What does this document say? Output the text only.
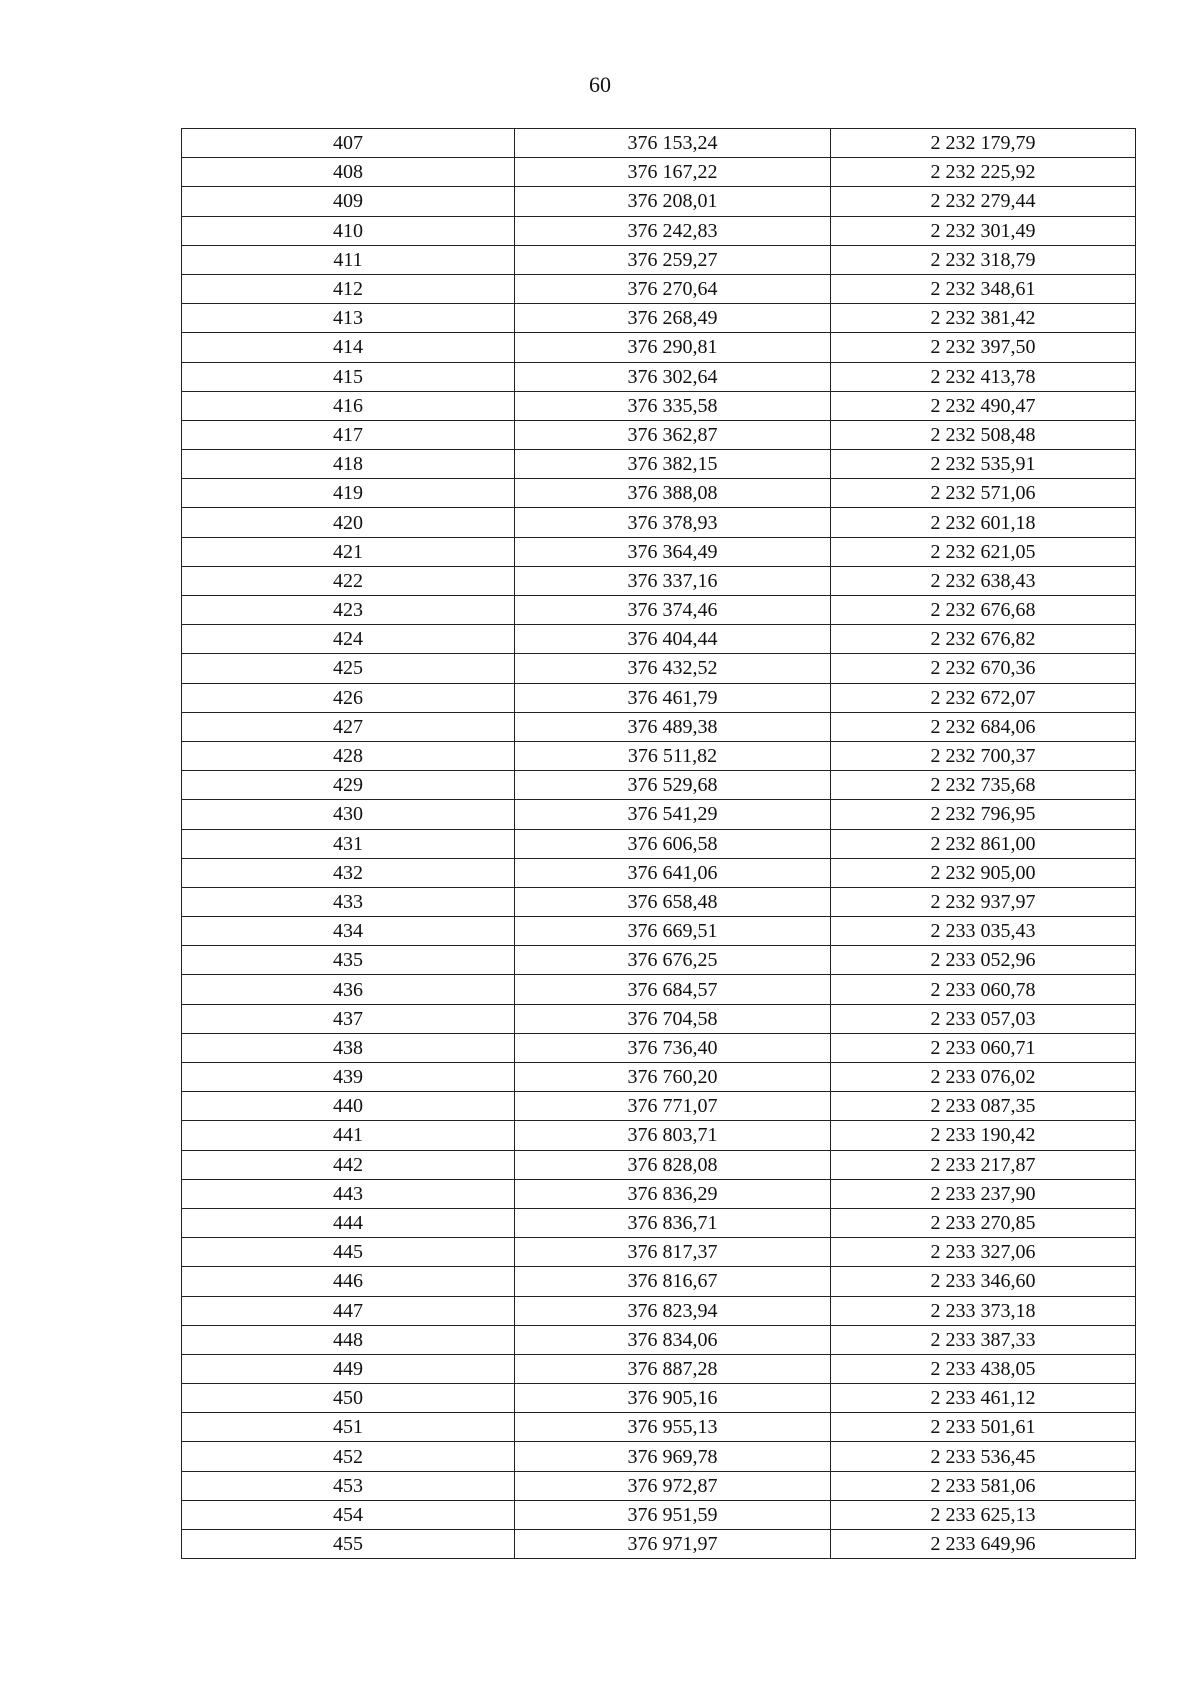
60
407	376 153,24	2 232 179,79
408	376 167,22	2 232 225,92
409	376 208,01	2 232 279,44
410	376 242,83	2 232 301,49
411	376 259,27	2 232 318,79
412	376 270,64	2 232 348,61
413	376 268,49	2 232 381,42
414	376 290,81	2 232 397,50
415	376 302,64	2 232 413,78
416	376 335,58	2 232 490,47
417	376 362,87	2 232 508,48
418	376 382,15	2 232 535,91
419	376 388,08	2 232 571,06
420	376 378,93	2 232 601,18
421	376 364,49	2 232 621,05
422	376 337,16	2 232 638,43
423	376 374,46	2 232 676,68
424	376 404,44	2 232 676,82
425	376 432,52	2 232 670,36
426	376 461,79	2 232 672,07
427	376 489,38	2 232 684,06
428	376 511,82	2 232 700,37
429	376 529,68	2 232 735,68
430	376 541,29	2 232 796,95
431	376 606,58	2 232 861,00
432	376 641,06	2 232 905,00
433	376 658,48	2 232 937,97
434	376 669,51	2 233 035,43
435	376 676,25	2 233 052,96
436	376 684,57	2 233 060,78
437	376 704,58	2 233 057,03
438	376 736,40	2 233 060,71
439	376 760,20	2 233 076,02
440	376 771,07	2 233 087,35
441	376 803,71	2 233 190,42
442	376 828,08	2 233 217,87
443	376 836,29	2 233 237,90
444	376 836,71	2 233 270,85
445	376 817,37	2 233 327,06
446	376 816,67	2 233 346,60
447	376 823,94	2 233 373,18
448	376 834,06	2 233 387,33
449	376 887,28	2 233 438,05
450	376 905,16	2 233 461,12
451	376 955,13	2 233 501,61
452	376 969,78	2 233 536,45
453	376 972,87	2 233 581,06
454	376 951,59	2 233 625,13
455	376 971,97	2 233 649,96
